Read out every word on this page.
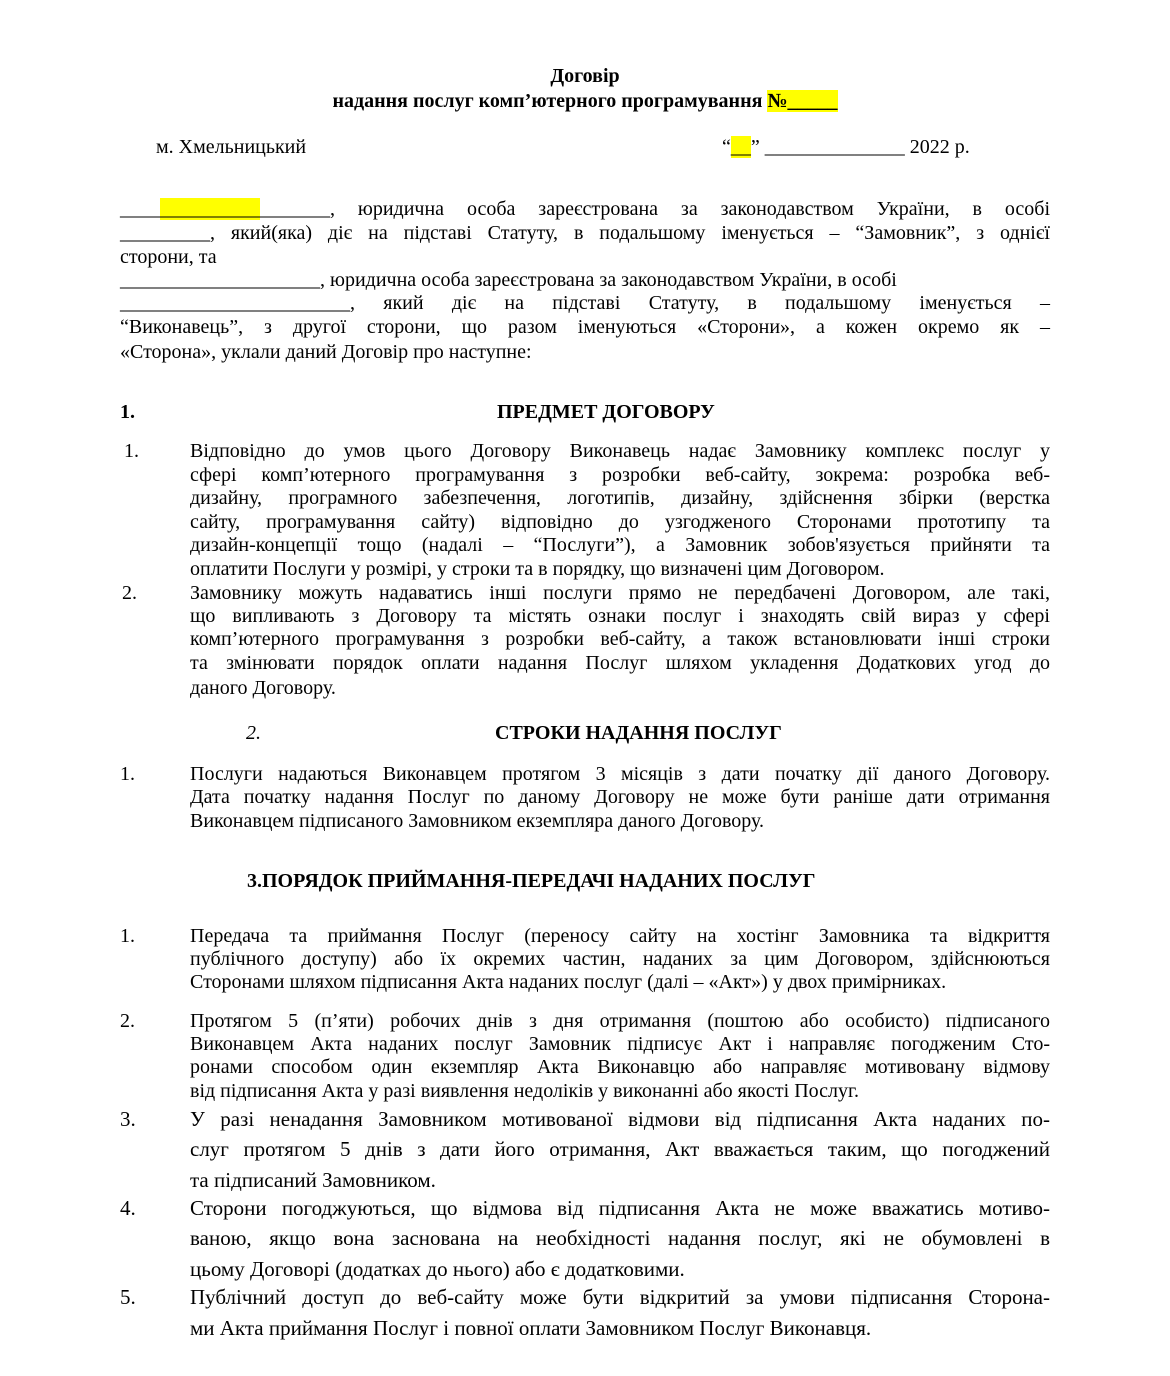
Договір
надання послуг комп’ютерного програмування №_____
м. Хмельницький	“__” ______________ 2022 р.
_____________________, юридична особа зареєстрована за законодавством України, в особі
_________, який(яка) діє на підставі Статуту, в подальшому іменується – “Замовник”, з однієї
сторони, та
____________________, юридична особа зареєстрована за законодавством України, в особі
_______________________, який діє на підставі Статуту, в подальшому іменується –
“Виконавець”, з другої сторони, що разом іменуються «Сторони», а кожен окремо як –
«Сторона», уклали даний Договір про наступне:
1.	ПРЕДМЕТ ДОГОВОРУ
1.	Відповідно до умов цього Договору Виконавець надає Замовнику комплекс послуг у
сфері комп’ютерного програмування з розробки веб-сайту, зокрема: розробка веб-
дизайну, програмного забезпечення, логотипів, дизайну, здійснення збірки (верстка
сайту, програмування сайту) відповідно до узгодженого Сторонами прототипу та
дизайн-концепції тощо (надалі – “Послуги”), а Замовник зобов'язується прийняти та
оплатити Послуги у розмірі, у строки та в порядку, що визначені цим Договором.
2.	Замовнику можуть надаватись інші послуги прямо не передбачені Договором, але такі,
що випливають з Договору та містять ознаки послуг і знаходять свій вираз у сфері
комп’ютерного програмування з розробки веб-сайту, а також встановлювати інші строки
та змінювати порядок оплати надання Послуг шляхом укладення Додаткових угод до
даного Договору.
2.	СТРОКИ НАДАННЯ ПОСЛУГ
1.	Послуги надаються Виконавцем протягом 3 місяців з дати початку дії даного Договору.
Дата початку надання Послуг по даному Договору не може бути раніше дати отримання
Виконавцем підписаного Замовником екземпляра даного Договору.
3.ПОРЯДОК ПРИЙМАННЯ-ПЕРЕДАЧІ НАДАНИХ ПОСЛУГ
1.	Передача та приймання Послуг (переносу сайту на хостінг Замовника та відкриття
публічного доступу) або їх окремих частин, наданих за цим Договором, здійснюються
Сторонами шляхом підписання Акта наданих послуг (далі – «Акт») у двох примірниках.
2.	Протягом 5 (п’яти) робочих днів з дня отримання (поштою або особисто) підписаного
Виконавцем Акта наданих послуг Замовник підписує Акт і направляє погодженим Сто-
ронами способом один екземпляр Акта Виконавцю або направляє мотивовану відмову
від підписання Акта у разі виявлення недоліків у виконанні або якості Послуг.
3.	У разі ненадання Замовником мотивованої відмови від підписання Акта наданих по-
слуг протягом 5 днів з дати його отримання, Акт вважається таким, що погоджений
та підписаний Замовником.
4.	Сторони погоджуються, що відмова від підписання Акта не може вважатись мотиво-
ваною, якщо вона заснована на необхідності надання послуг, які не обумовлені в
цьому Договорі (додатках до нього) або є додатковими.
5.	Публічний доступ до веб-сайту може бути відкритий за умови підписання Сторона-
ми Акта приймання Послуг і повної оплати Замовником Послуг Виконавця.
